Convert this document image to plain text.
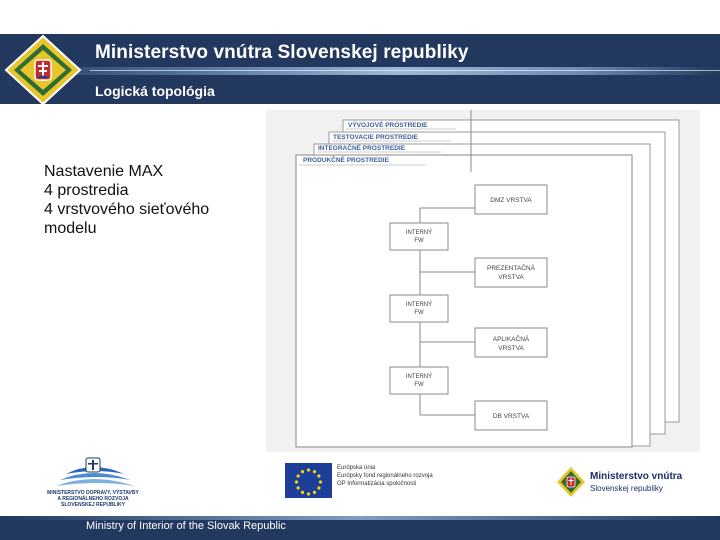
Ministerstvo vnútra Slovenskej republiky
Logická topológia
Nastavenie MAX
4 prostredia
4 vrstvového sieťového
modelu
VÝVOJOVÉ PROSTREDIE
TESTOVACIE PROSTREDIE
INTEGRAČNÉ PROSTREDIE
PRODUKČNÉ PROSTREDIE
DMZ VRSTVA
PREZENTAČNÁ
VRSTVA
APLIKAČNÁ
VRSTVA
DB VRSTVA
INTERNÝ
FW
INTERNÝ
FW
INTERNÝ
FW
MINISTERSTVO DOPRAVY, VÝSTAVBY
A REGIONÁLNEHO ROZVOJA
SLOVENSKEJ REPUBLIKY
Európska únia
Európsky fond regionálneho rozvoja
OP Informatizácia spoločnosti
Ministerstvo vnútra
Slovenskej republiky
Ministry of Interior of the Slovak Republic
